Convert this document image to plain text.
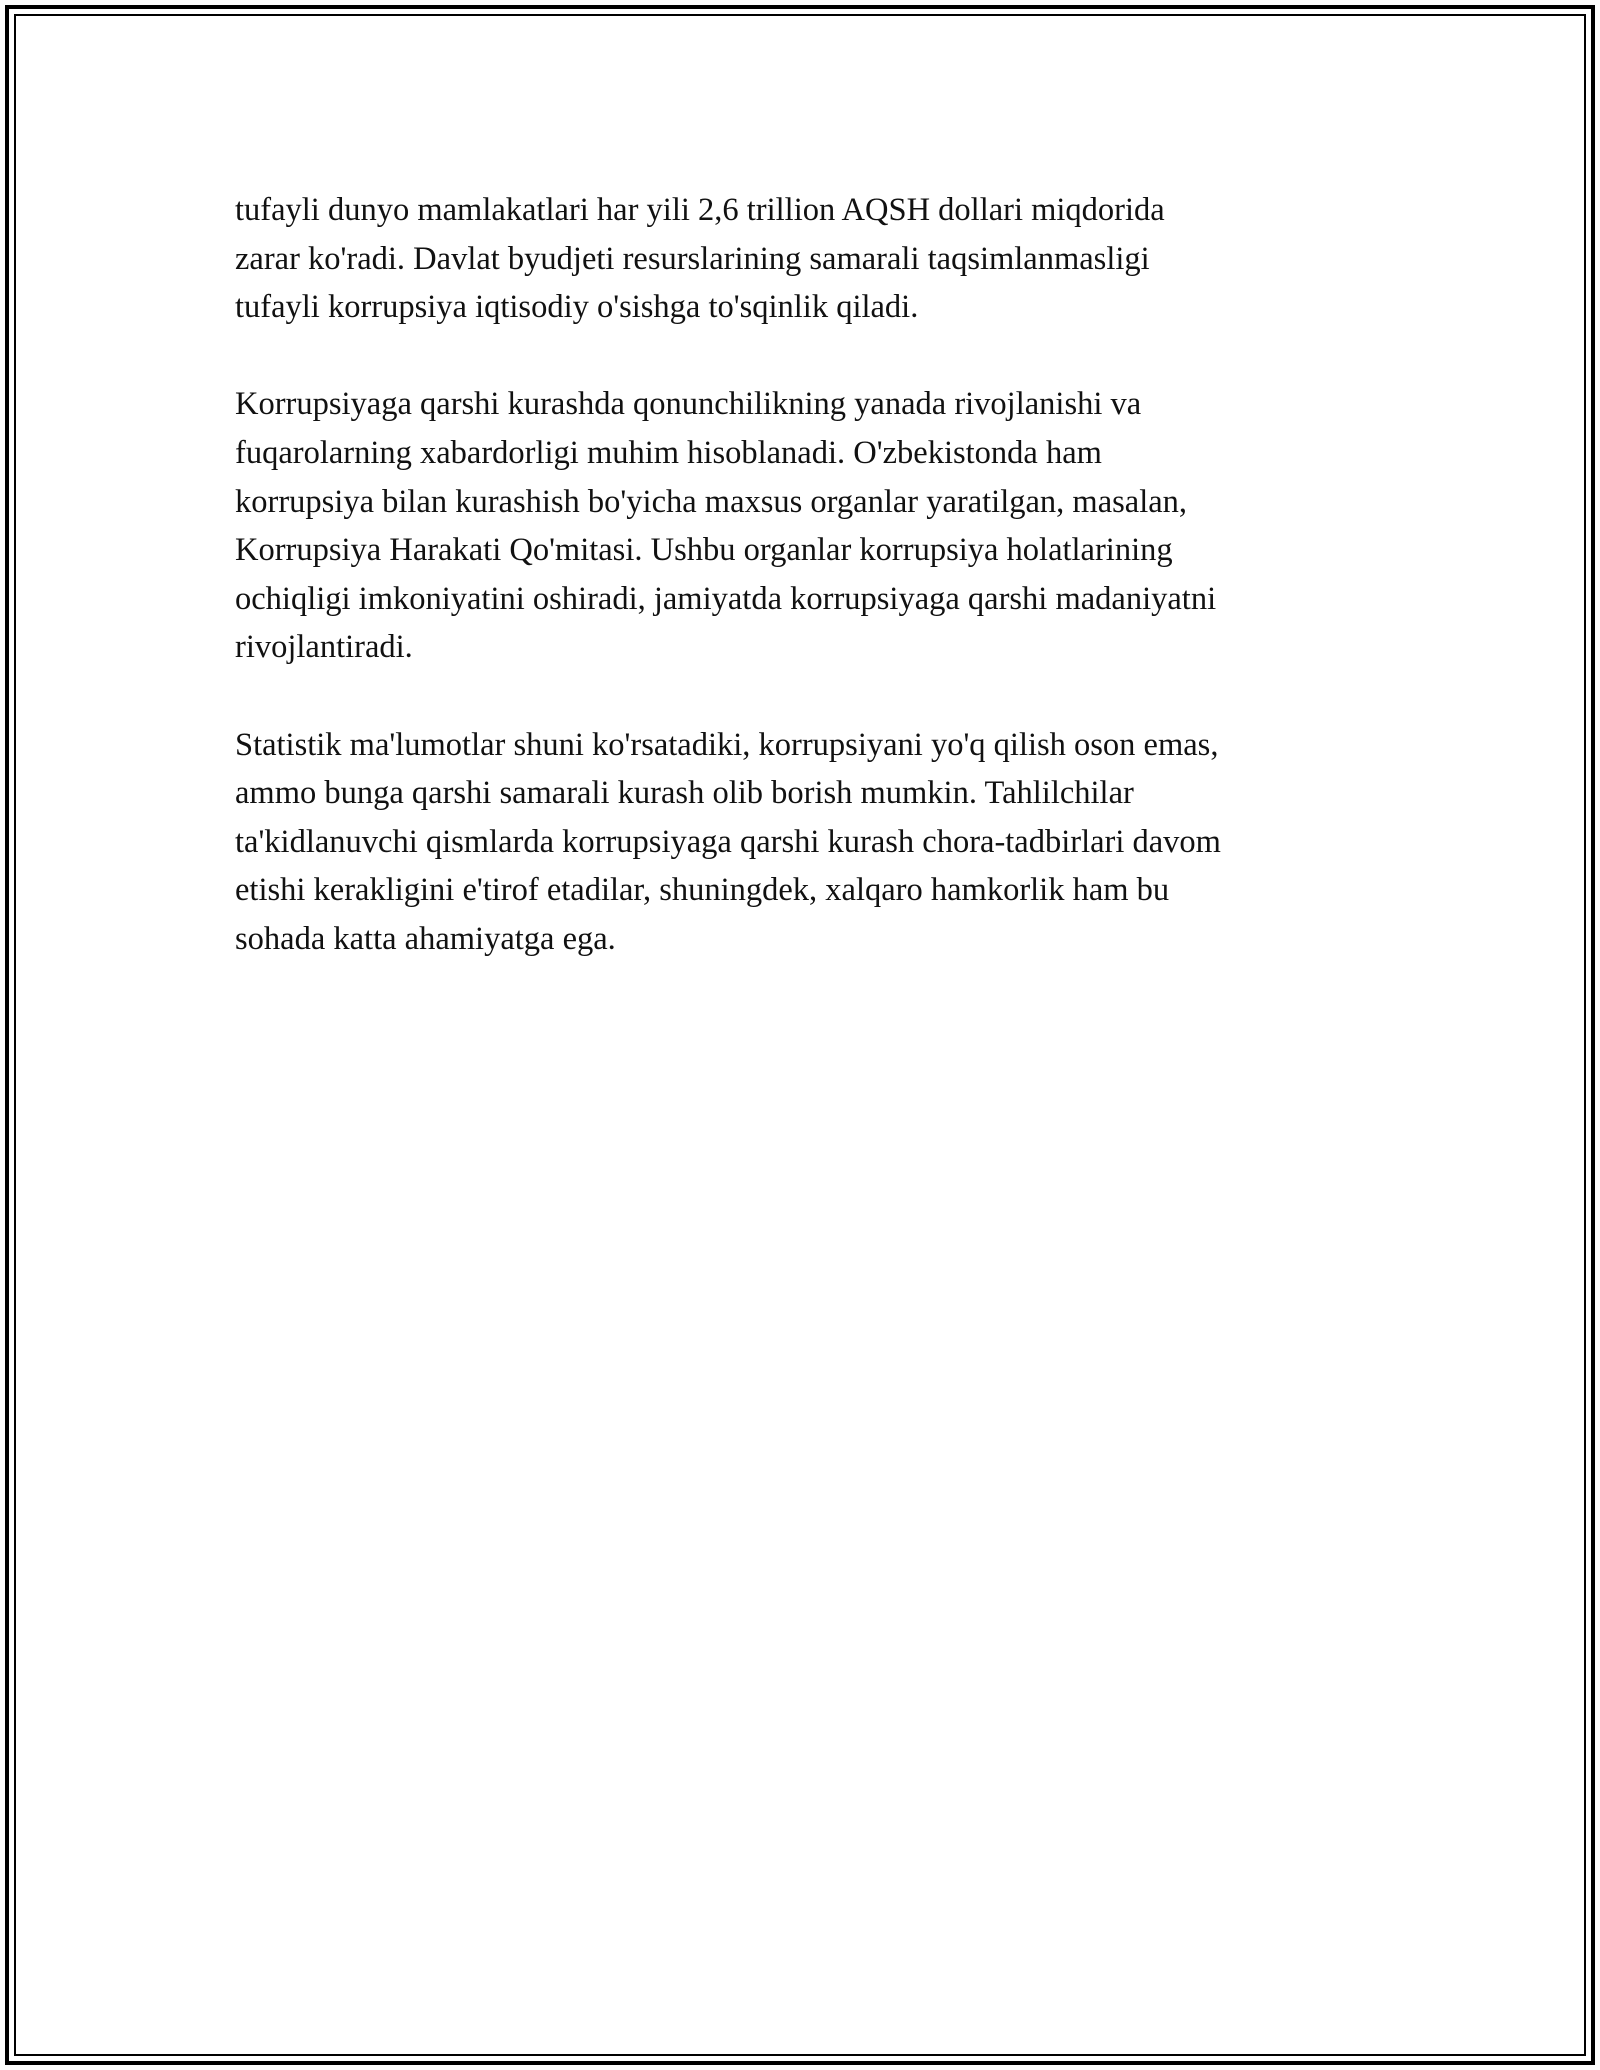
tufayli dunyo mamlakatlari har yili 2,6 trillion AQSH dollari miqdorida
zarar ko'radi. Davlat byudjeti resurslarining samarali taqsimlanmasligi
tufayli korrupsiya iqtisodiy o'sishga to'sqinlik qiladi.

Korrupsiyaga qarshi kurashda qonunchilikning yanada rivojlanishi va
fuqarolarning xabardorligi muhim hisoblanadi. O'zbekistonda ham
korrupsiya bilan kurashish bo'yicha maxsus organlar yaratilgan, masalan,
Korrupsiya Harakati Qo'mitasi. Ushbu organlar korrupsiya holatlarining
ochiqligi imkoniyatini oshiradi, jamiyatda korrupsiyaga qarshi madaniyatni
rivojlantiradi.

Statistik ma'lumotlar shuni ko'rsatadiki, korrupsiyani yo'q qilish oson emas,
ammo bunga qarshi samarali kurash olib borish mumkin. Tahlilchilar
ta'kidlanuvchi qismlarda korrupsiyaga qarshi kurash chora-tadbirlari davom
etishi kerakligini e'tirof etadilar, shuningdek, xalqaro hamkorlik ham bu
sohada katta ahamiyatga ega.
